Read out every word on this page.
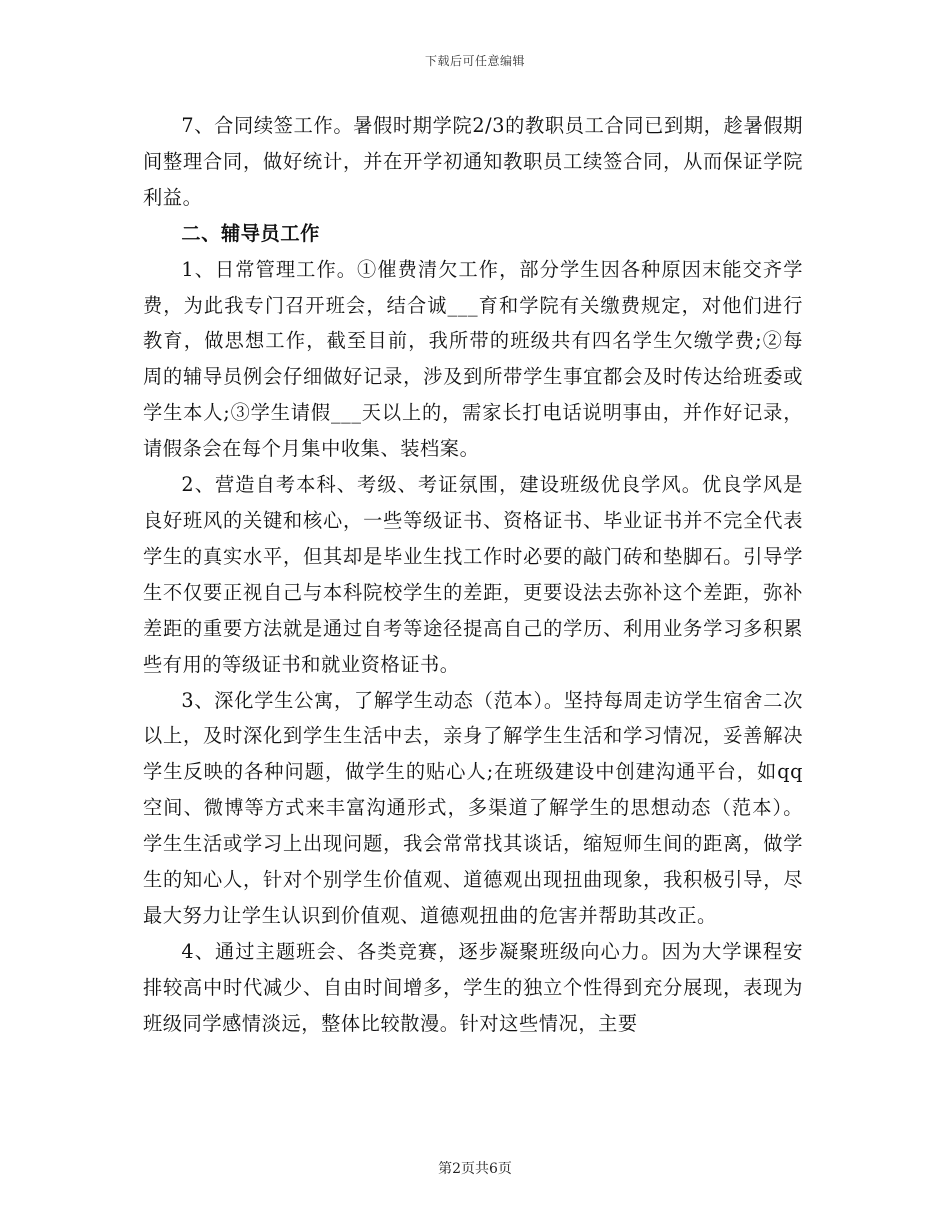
下载后可任意编辑

7、合同续签工作。暑假时期学院2/3的教职员工合同已到期，趁暑假期间整理合同，做好统计，并在开学初通知教职员工续签合同，从而保证学院利益。

二、辅导员工作

1、日常管理工作。①催费清欠工作，部分学生因各种原因末能交齐学费，为此我专门召开班会，结合诚___育和学院有关缴费规定，对他们进行教育，做思想工作，截至目前，我所带的班级共有四名学生欠缴学费;②每周的辅导员例会仔细做好记录，涉及到所带学生事宜都会及时传达给班委或学生本人;③学生请假___天以上的，需家长打电话说明事由，并作好记录，请假条会在每个月集中收集、装档案。

2、营造自考本科、考级、考证氛围，建设班级优良学风。优良学风是良好班风的关键和核心，一些等级证书、资格证书、毕业证书并不完全代表学生的真实水平，但其却是毕业生找工作时必要的敲门砖和垫脚石。引导学生不仅要正视自己与本科院校学生的差距，更要设法去弥补这个差距，弥补差距的重要方法就是通过自考等途径提高自己的学历、利用业务学习多积累些有用的等级证书和就业资格证书。

3、深化学生公寓，了解学生动态（范本）。坚持每周走访学生宿舍二次以上，及时深化到学生生活中去，亲身了解学生生活和学习情况，妥善解决学生反映的各种问题，做学生的贴心人;在班级建设中创建沟通平台，如qq空间、微博等方式来丰富沟通形式，多渠道了解学生的思想动态（范本）。学生生活或学习上出现问题，我会常常找其谈话，缩短师生间的距离，做学生的知心人，针对个别学生价值观、道德观出现扭曲现象，我积极引导，尽最大努力让学生认识到价值观、道德观扭曲的危害并帮助其改正。

4、通过主题班会、各类竞赛，逐步凝聚班级向心力。因为大学课程安排较高中时代减少、自由时间增多，学生的独立个性得到充分展现，表现为班级同学感情淡远，整体比较散漫。针对这些情况，主要

第2页共6页
